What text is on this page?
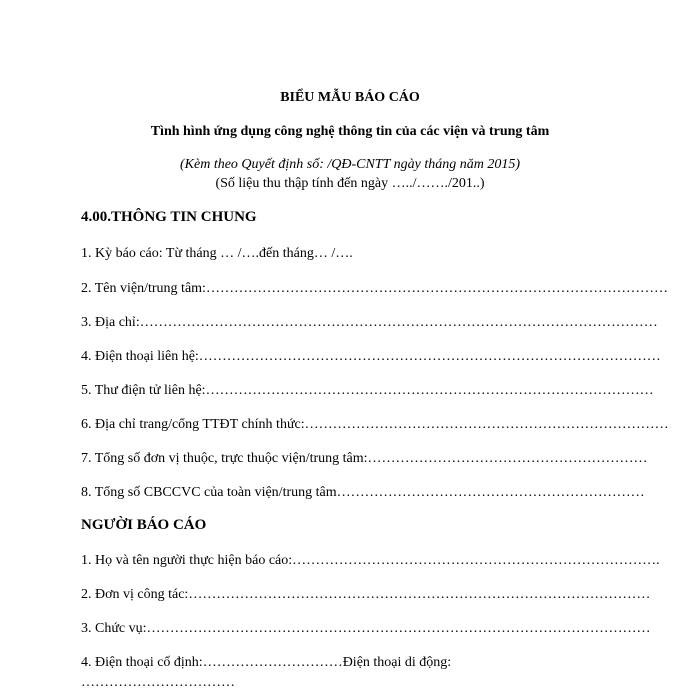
BIỂU MẪU BÁO CÁO
Tình hình ứng dụng công nghệ thông tin của các viện và trung tâm
(Kèm theo Quyết định số: /QĐ-CNTT ngày tháng năm 2015)
(Số liệu thu thập tính đến ngày …../……./201..)
4.00.THÔNG TIN CHUNG
1. Kỳ báo cáo: Từ tháng … /….đến tháng… /….
2. Tên viện/trung tâm:………………………………………………………………………………………
3. Địa chỉ:…………………………………………………………………………………………………
4. Điện thoại liên hệ:………………………………………………………………………………………
5. Thư điện tử liên hệ:……………………………………………………………………………………
6. Địa chỉ trang/cổng TTĐT chính thức:……………………………………………………………………
7. Tổng số đơn vị thuộc, trực thuộc viện/trung tâm:……………………………………………………
8. Tổng số CBCCVC của toàn viện/trung tâm…………………………………………………………
NGƯỜI BÁO CÁO
1. Họ và tên người thực hiện báo cáo:…………………………………………………………………….
2. Đơn vị công tác:………………………………………………………………………………………
3. Chức vụ:………………………………………………………………………………………………
4. Điện thoại cố định:…………………………Điện thoại di động:
……………………………
